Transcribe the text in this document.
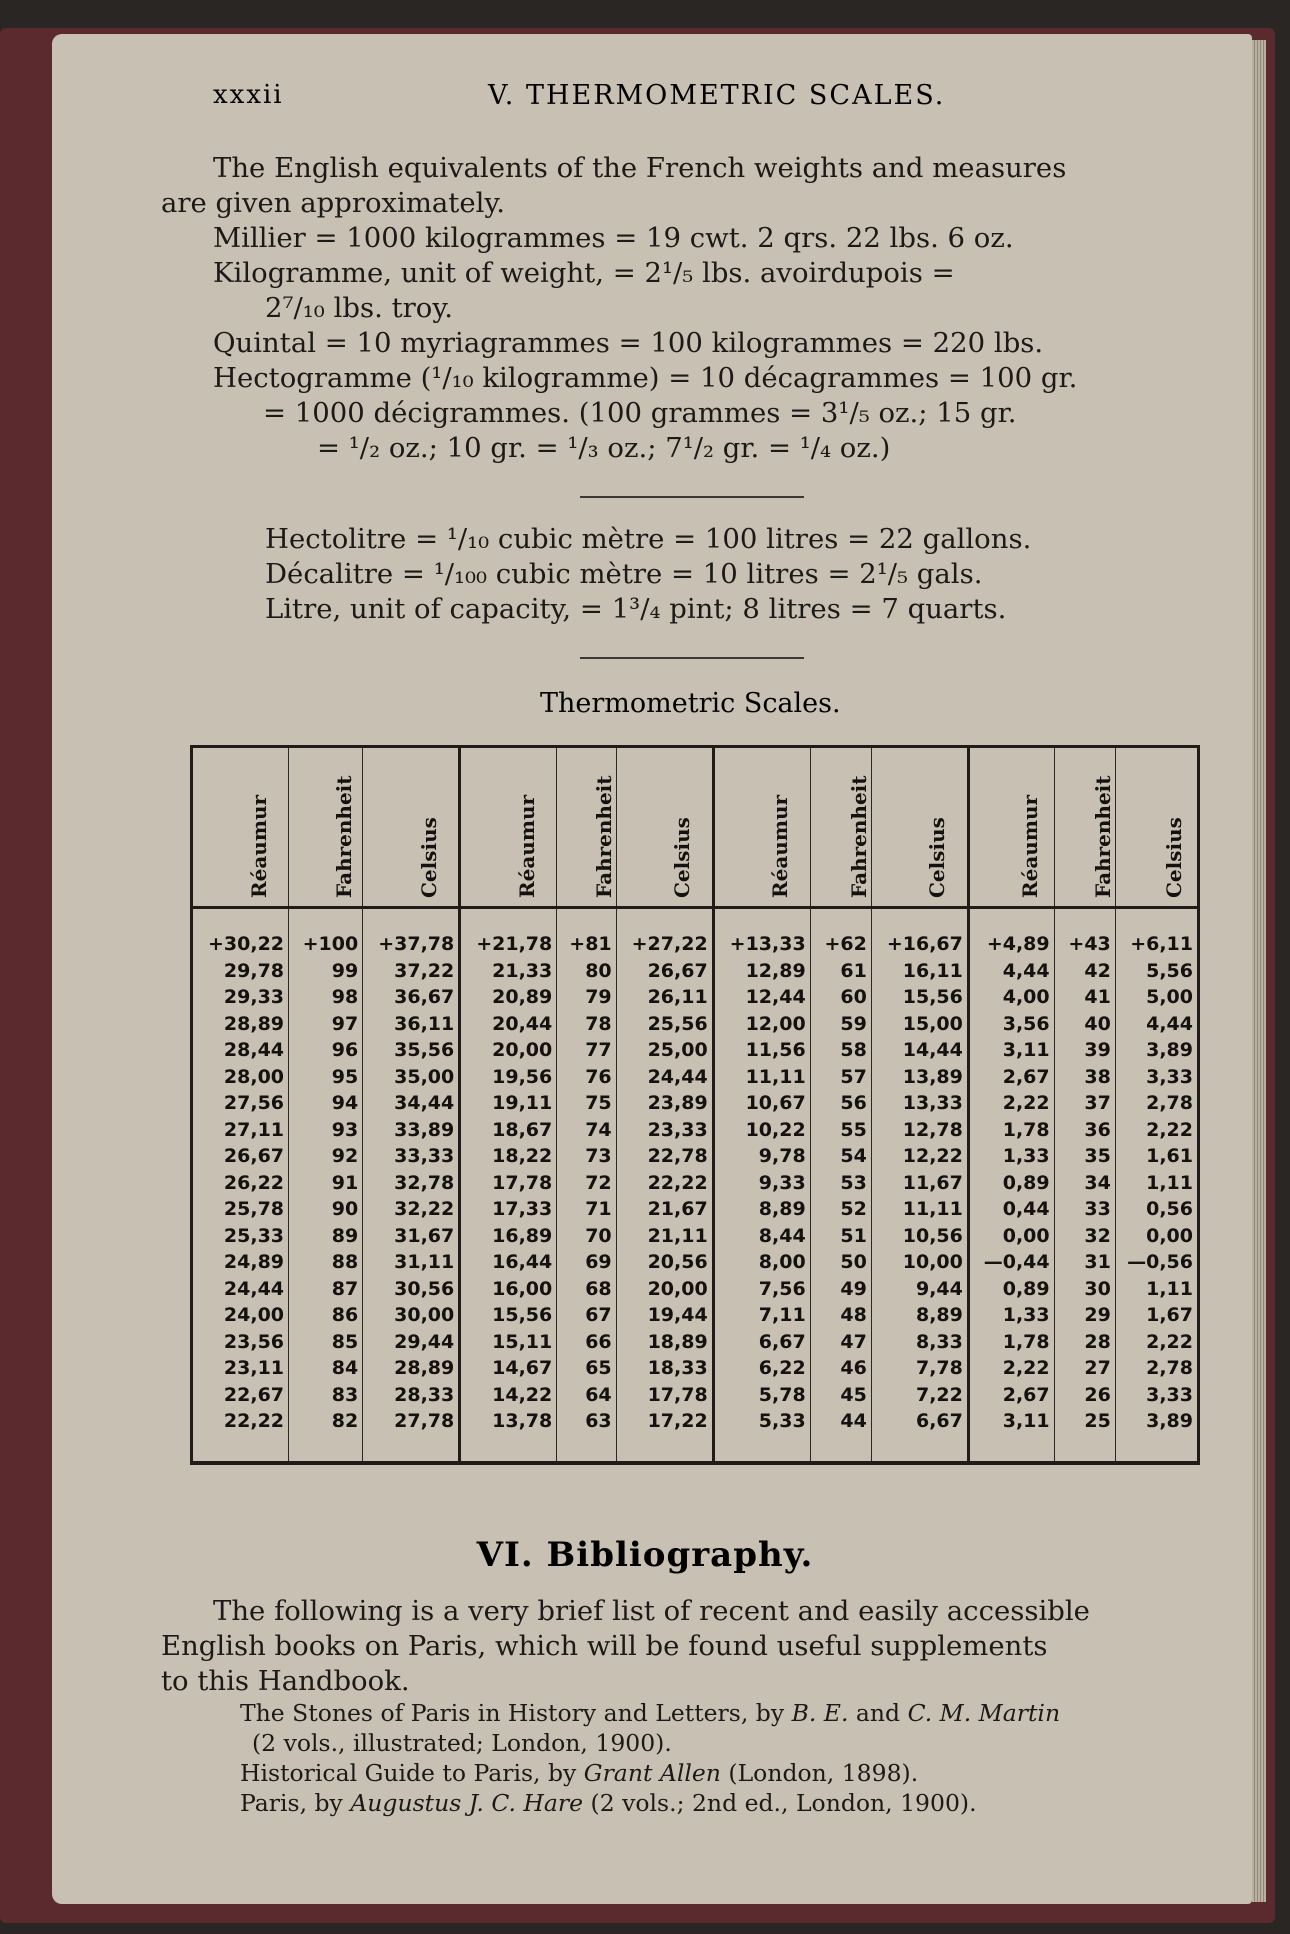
xxxii	V. THERMOMETRIC SCALES.

The English equivalents of the French weights and measures

are given approximately.

Millier = 1000 kilogrammes = 19 cwt. 2 qrs. 22 lbs. 6 oz.

Kilogramme, unit of weight, = 2¹/₅ lbs. avoirdupois =

2⁷/₁₀ lbs. troy.

Quintal = 10 myriagrammes = 100 kilogrammes = 220 lbs.

Hectogramme (¹/₁₀ kilogramme) = 10 décagrammes = 100 gr.

= 1000 décigrammes. (100 grammes = 3¹/₅ oz.; 15 gr.

= ¹/₂ oz.; 10 gr. = ¹/₃ oz.; 7¹/₂ gr. = ¹/₄ oz.)

Hectolitre = ¹/₁₀ cubic mètre = 100 litres = 22 gallons.

Décalitre = ¹/₁₀₀ cubic mètre = 10 litres = 2¹/₅ gals.

Litre, unit of capacity, = 1³/₄ pint; 8 litres = 7 quarts.

Thermometric Scales.
Réaumur	Fahrenheit	Celsius	Réaumur	Fahrenheit	Celsius	Réaumur	Fahrenheit	Celsius	Réaumur	Fahrenheit	Celsius
+30,22	+100	+37,78	+21,78	+81	+27,22	+13,33	+62	+16,67	+4,89	+43	+6,11
29,78	99	37,22	21,33	80	26,67	12,89	61	16,11	4,44	42	5,56
29,33	98	36,67	20,89	79	26,11	12,44	60	15,56	4,00	41	5,00
28,89	97	36,11	20,44	78	25,56	12,00	59	15,00	3,56	40	4,44
28,44	96	35,56	20,00	77	25,00	11,56	58	14,44	3,11	39	3,89
28,00	95	35,00	19,56	76	24,44	11,11	57	13,89	2,67	38	3,33
27,56	94	34,44	19,11	75	23,89	10,67	56	13,33	2,22	37	2,78
27,11	93	33,89	18,67	74	23,33	10,22	55	12,78	1,78	36	2,22
26,67	92	33,33	18,22	73	22,78	9,78	54	12,22	1,33	35	1,61
26,22	91	32,78	17,78	72	22,22	9,33	53	11,67	0,89	34	1,11
25,78	90	32,22	17,33	71	21,67	8,89	52	11,11	0,44	33	0,56
25,33	89	31,67	16,89	70	21,11	8,44	51	10,56	0,00	32	0,00
24,89	88	31,11	16,44	69	20,56	8,00	50	10,00	—0,44	31	—0,56
24,44	87	30,56	16,00	68	20,00	7,56	49	9,44	0,89	30	1,11
24,00	86	30,00	15,56	67	19,44	7,11	48	8,89	1,33	29	1,67
23,56	85	29,44	15,11	66	18,89	6,67	47	8,33	1,78	28	2,22
23,11	84	28,89	14,67	65	18,33	6,22	46	7,78	2,22	27	2,78
22,67	83	28,33	14,22	64	17,78	5,78	45	7,22	2,67	26	3,33
22,22	82	27,78	13,78	63	17,22	5,33	44	6,67	3,11	25	3,89
VI. Bibliography.

The following is a very brief list of recent and easily accessible

English books on Paris, which will be found useful supplements

to this Handbook.

The Stones of Paris in History and Letters, by B. E. and C. M. Martin

(2 vols., illustrated; London, 1900).

Historical Guide to Paris, by Grant Allen (London, 1898).

Paris, by Augustus J. C. Hare (2 vols.; 2nd ed., London, 1900).
